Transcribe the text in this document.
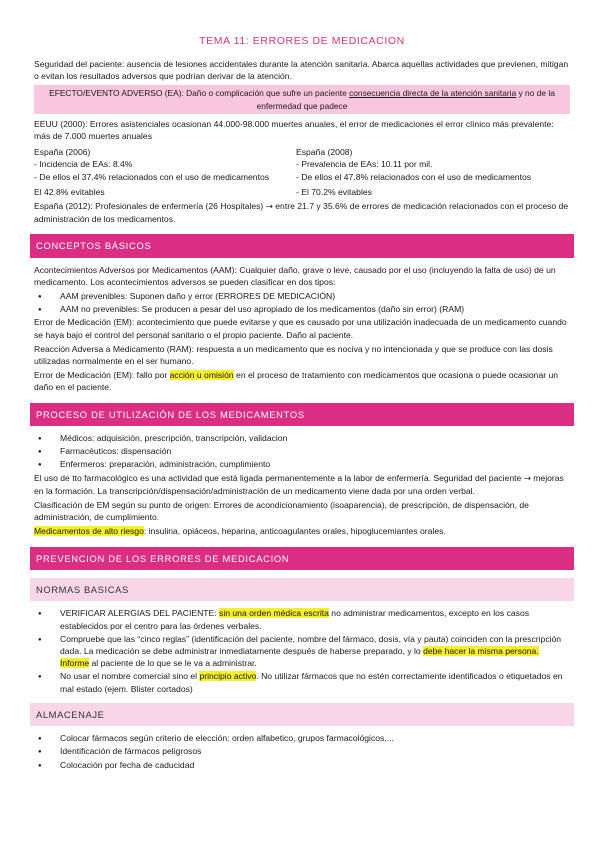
TEMA 11: ERRORES DE MEDICACION

Seguridad del paciente: ausencia de lesiones accidentales durante la atención sanitaria. Abarca aquellas actividades que previenen, mitigan o evitan los resultados adversos que podrían derivar de la atención.

EFECTO/EVENTO ADVERSO (EA): Daño o complicación que sufre un paciente consecuencia directa de la atención sanitaria y no de la enfermedad que padece

EEUU (2000): Errores asistenciales ocasionan 44.000-98.000 muertes anuales, el error de medicaciones el error clínico más prevalente: más de 7.000 muertes anuales

España (2006)
- Incidencia de EAs: 8.4%
- De ellos el 37.4% relacionados con el uso de medicamentos
El 42.8% evitables
España (2008)
- Prevalencia de EAs: 10.11 por mil.
- De ellos el 47.8% relacionados con el uso de medicamentos
- El 70.2% evitables

España (2012): Profesionales de enfermería (26 Hospitales) → entre 21.7 y 35.6% de errores de medicación relacionados con el proceso de administración de los medicamentos.

CONCEPTOS BÁSICOS

Acontecimientos Adversos por Medicamentos (AAM): Cualquier daño, grave o leve, causado por el uso (incluyendo la falta de uso) de un medicamento. Los acontecimientos adversos se pueden clasificar en dos tipos:

● AAM prevenibles: Suponen daño y error (ERRORES DE MEDICACIÓN)
● AAM no prevenibles: Se producen a pesar del uso apropiado de los medicamentos (daño sin error) (RAM)

Error de Medicación (EM): acontecimiento que puede evitarse y que es causado por una utilización inadecuada de un medicamento cuando se haya bajo el control del personal sanitario o el propio paciente. Daño al paciente.

Reacción Adversa a Medicamento (RAM): respuesta a un medicamento que es nociva y no intencionada y que se produce con las dosis utilizadas normalmente en el ser humano.

Error de Medicación (EM): fallo por acción u omisión en el proceso de tratamiento con medicamentos que ocasiona o puede ocasionar un daño en el paciente.

PROCESO DE UTILIZACIÓN DE LOS MEDICAMENTOS
● Médicos: adquisición, prescripción, transcripción, validacion
● Farmacéuticos: dispensación
● Enfermeros: preparación, administración, cumplimiento

El uso de tto farmacológico es una actividad que está ligada permanentemente a la labor de enfermería. Seguridad del paciente → mejoras en la formación. La transcripción/dispensación/administración de un medicamento viene dada por una orden verbal.

Clasificación de EM según su punto de origen: Errores de acondicionamiento (isoaparencia), de prescripción, de dispensación, de administración, de cumplimiento.

Medicamentos de alto riesgo: insulina, opiáceos, heparina, anticoagulantes orales, hipoglucemiantes orales.

PREVENCION DE LOS ERRORES DE MEDICACION
NORMAS BASICAS
● VERIFICAR ALERGIAS DEL PACIENTE: sin una orden médica escrita no administrar medicamentos, excepto en los casos establecidos por el centro para las órdenes verbales.
● Compruebe que las “cinco reglas” (identificación del paciente, nombre del fármaco, dosis, vía y pauta) coinciden con la prescripción dada. La medicación se debe administrar inmediatamente después de haberse preparado, y lo debe hacer la misma persona. Informe al paciente de lo que se le va a administrar.
● No usar el nombre comercial sino el principio activo. No utilizar fármacos que no estén correctamente identificados o etiquetados en mal estado (ejem. Blister cortados)
ALMACENAJE
● Colocar fármacos según criterio de elección: orden alfabetico, grupos farmacológicos,...
● Identificación de fármacos peligrosos
● Colocación por fecha de caducidad
